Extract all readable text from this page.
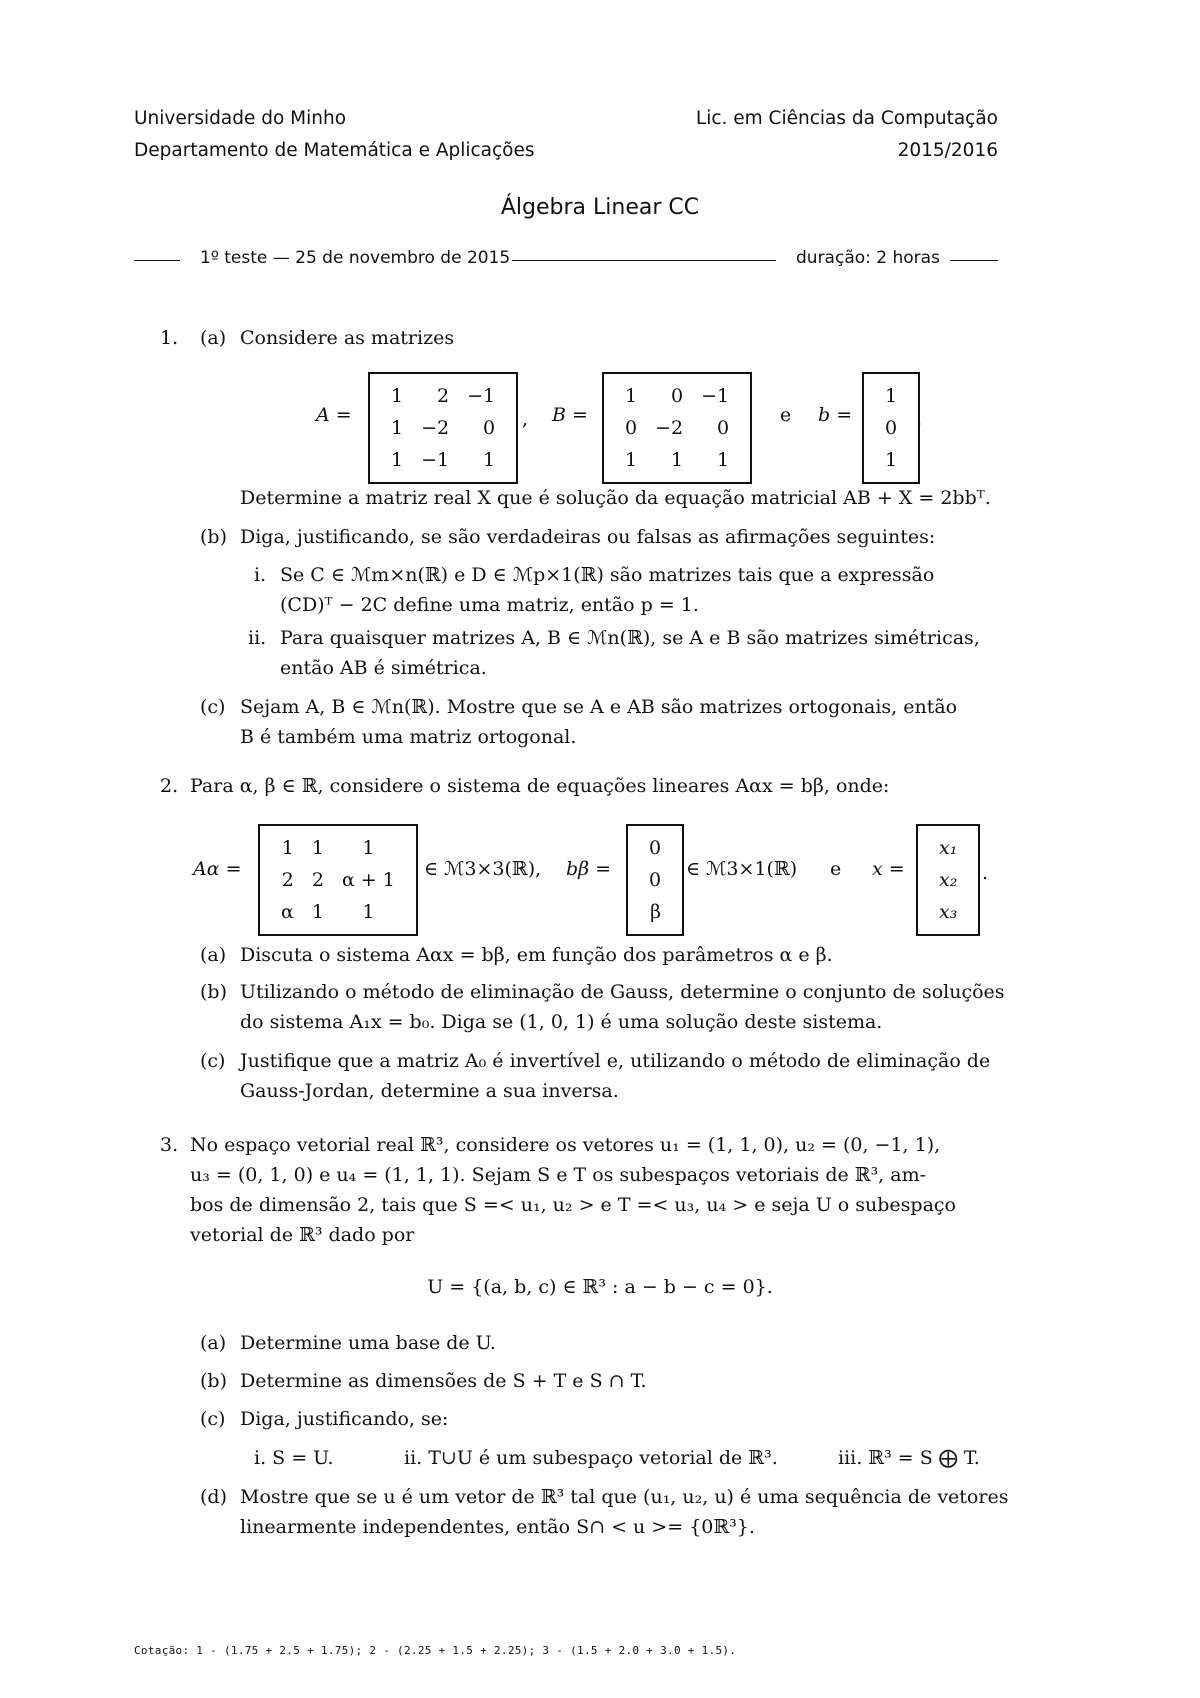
Universidade do Minho
Departamento de Matemática e Aplicações
Lic. em Ciências da Computação
2015/2016
Álgebra Linear CC
1º teste — 25 de novembro de 2015	duração: 2 horas
1. (a) Considere as matrizes
A =
1	2	−1
1	−2	0
1	−1	1
, B =
1	0	−1
0	−2	0
1	1	1
e b =
1
0
1
.
Determine a matriz real X que é solução da equação matricial AB + X = 2bbᵀ.
(b) Diga, justificando, se são verdadeiras ou falsas as afirmações seguintes:
i. Se C ∈ ℳm×n(ℝ) e D ∈ ℳp×1(ℝ) são matrizes tais que a expressão
(CD)ᵀ − 2C define uma matriz, então p = 1.
ii. Para quaisquer matrizes A, B ∈ ℳn(ℝ), se A e B são matrizes simétricas,
então AB é simétrica.
(c) Sejam A, B ∈ ℳn(ℝ). Mostre que se A e AB são matrizes ortogonais, então
B é também uma matriz ortogonal.
2. Para α, β ∈ ℝ, considere o sistema de equações lineares Aαx = bβ, onde:
Aα =
1	1	1
2	2	α + 1
α	1	1
∈ ℳ3×3(ℝ), bβ =
0
0
β
∈ ℳ3×1(ℝ) e x =
x₁
x₂
x₃
.
(a) Discuta o sistema Aαx = bβ, em função dos parâmetros α e β.
(b) Utilizando o método de eliminação de Gauss, determine o conjunto de soluções
do sistema A₁x = b₀. Diga se (1, 0, 1) é uma solução deste sistema.
(c) Justifique que a matriz A₀ é invertível e, utilizando o método de eliminação de
Gauss-Jordan, determine a sua inversa.
3. No espaço vetorial real ℝ³, considere os vetores u₁ = (1, 1, 0), u₂ = (0, −1, 1),
u₃ = (0, 1, 0) e u₄ = (1, 1, 1). Sejam S e T os subespaços vetoriais de ℝ³, am-
bos de dimensão 2, tais que S =< u₁, u₂ > e T =< u₃, u₄ > e seja U o subespaço
vetorial de ℝ³ dado por
U = {(a, b, c) ∈ ℝ³ : a − b − c = 0}.
(a) Determine uma base de U.
(b) Determine as dimensões de S + T e S ∩ T.
(c) Diga, justificando, se:
i. S = U.	ii. T∪U é um subespaço vetorial de ℝ³.	iii. ℝ³ = S ⨁ T.
(d) Mostre que se u é um vetor de ℝ³ tal que (u₁, u₂, u) é uma sequência de vetores
linearmente independentes, então S∩ < u >= {0ℝ³}.
Cotação: 1 - (1.75 + 2.5 + 1.75); 2 - (2.25 + 1.5 + 2.25); 3 - (1.5 + 2.0 + 3.0 + 1.5).
